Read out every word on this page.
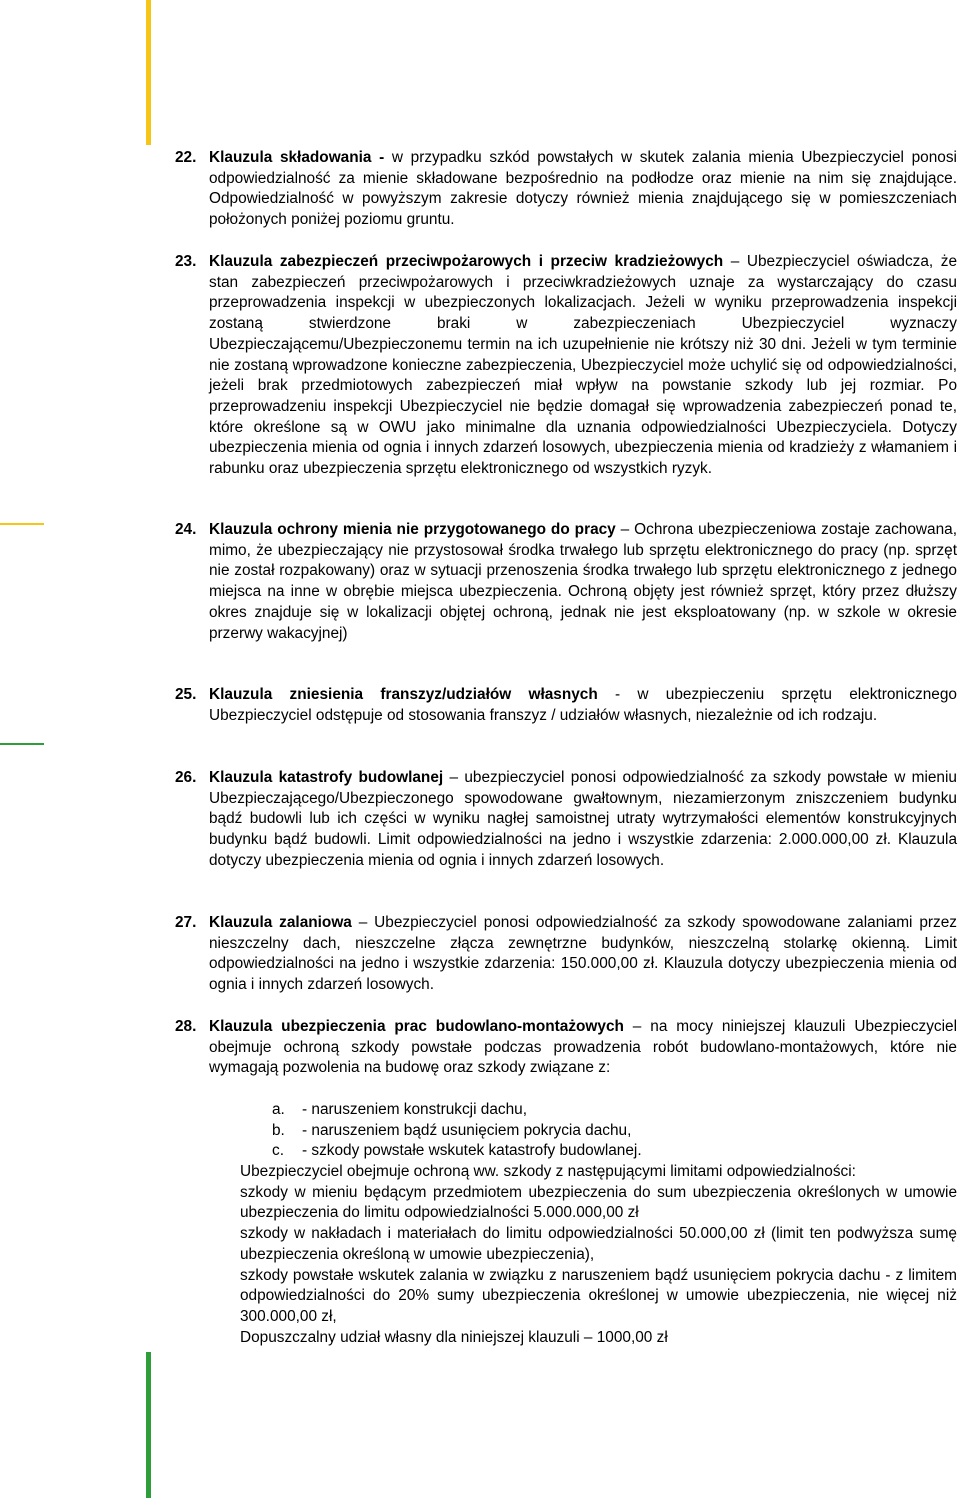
22. Klauzula składowania - w przypadku szkód powstałych w skutek zalania mienia Ubezpieczyciel ponosi odpowiedzialność za mienie składowane bezpośrednio na podłodze oraz mienie na nim się znajdujące. Odpowiedzialność w powyższym zakresie dotyczy również mienia znajdującego się w pomieszczeniach położonych poniżej poziomu gruntu.
23. Klauzula zabezpieczeń przeciwpożarowych i przeciw kradzieżowych – Ubezpieczyciel oświadcza, że stan zabezpieczeń przeciwpożarowych i przeciwkradzieżowych uznaje za wystarczający do czasu przeprowadzenia inspekcji w ubezpieczonych lokalizacjach. Jeżeli w wyniku przeprowadzenia inspekcji zostaną stwierdzone braki w zabezpieczeniach Ubezpieczyciel wyznaczy Ubezpieczającemu/Ubezpieczonemu termin na ich uzupełnienie nie krótszy niż 30 dni. Jeżeli w tym terminie nie zostaną wprowadzone konieczne zabezpieczenia, Ubezpieczyciel może uchylić się od odpowiedzialności, jeżeli brak przedmiotowych zabezpieczeń miał wpływ na powstanie szkody lub jej rozmiar. Po przeprowadzeniu inspekcji Ubezpieczyciel nie będzie domagał się wprowadzenia zabezpieczeń ponad te, które określone są w OWU jako minimalne dla uznania odpowiedzialności Ubezpieczyciela. Dotyczy ubezpieczenia mienia od ognia i innych zdarzeń losowych, ubezpieczenia mienia od kradzieży z włamaniem i rabunku oraz ubezpieczenia sprzętu elektronicznego od wszystkich ryzyk.
24. Klauzula ochrony mienia nie przygotowanego do pracy – Ochrona ubezpieczeniowa zostaje zachowana, mimo, że ubezpieczający nie przystosował środka trwałego lub sprzętu elektronicznego do pracy (np. sprzęt nie został rozpakowany) oraz w sytuacji przenoszenia środka trwałego lub sprzętu elektronicznego z jednego miejsca na inne w obrębie miejsca ubezpieczenia. Ochroną objęty jest również sprzęt, który przez dłuższy okres znajduje się w lokalizacji objętej ochroną, jednak nie jest eksploatowany (np. w szkole w okresie przerwy wakacyjnej)
25. Klauzula zniesienia franszyz/udziałów własnych - w ubezpieczeniu sprzętu elektronicznego Ubezpieczyciel odstępuje od stosowania franszyz / udziałów własnych, niezależnie od ich rodzaju.
26. Klauzula katastrofy budowlanej – ubezpieczyciel ponosi odpowiedzialność za szkody powstałe w mieniu Ubezpieczającego/Ubezpieczonego spowodowane gwałtownym, niezamierzonym zniszczeniem budynku bądź budowli lub ich części w wyniku nagłej samoistnej utraty wytrzymałości elementów konstrukcyjnych budynku bądź budowli. Limit odpowiedzialności na jedno i wszystkie zdarzenia: 2.000.000,00 zł. Klauzula dotyczy ubezpieczenia mienia od ognia i innych zdarzeń losowych.
27. Klauzula zalaniowa – Ubezpieczyciel ponosi odpowiedzialność za szkody spowodowane zalaniami przez nieszczelny dach, nieszczelne złącza zewnętrzne budynków, nieszczelną stolarkę okienną. Limit odpowiedzialności na jedno i wszystkie zdarzenia: 150.000,00 zł. Klauzula dotyczy ubezpieczenia mienia od ognia i innych zdarzeń losowych.
28. Klauzula ubezpieczenia prac budowlano-montażowych – na mocy niniejszej klauzuli Ubezpieczyciel obejmuje ochroną szkody powstałe podczas prowadzenia robót budowlano-montażowych, które nie wymagają pozwolenia na budowę oraz szkody związane z:
a.	- naruszeniem konstrukcji dachu,
b.	- naruszeniem bądź usunięciem pokrycia dachu,
c.	- szkody powstałe wskutek katastrofy budowlanej.

Ubezpieczyciel obejmuje ochroną ww. szkody z następującymi limitami odpowiedzialności:

szkody w mieniu będącym przedmiotem ubezpieczenia do sum ubezpieczenia określonych w umowie ubezpieczenia do limitu odpowiedzialności 5.000.000,00 zł

szkody w nakładach i materiałach do limitu odpowiedzialności 50.000,00 zł (limit ten podwyższa sumę ubezpieczenia określoną w umowie ubezpieczenia),

szkody powstałe wskutek zalania w związku z naruszeniem bądź usunięciem pokrycia dachu - z limitem odpowiedzialności do 20% sumy ubezpieczenia określonej w umowie ubezpieczenia, nie więcej niż 300.000,00 zł,

Dopuszczalny udział własny dla niniejszej klauzuli – 1000,00 zł
